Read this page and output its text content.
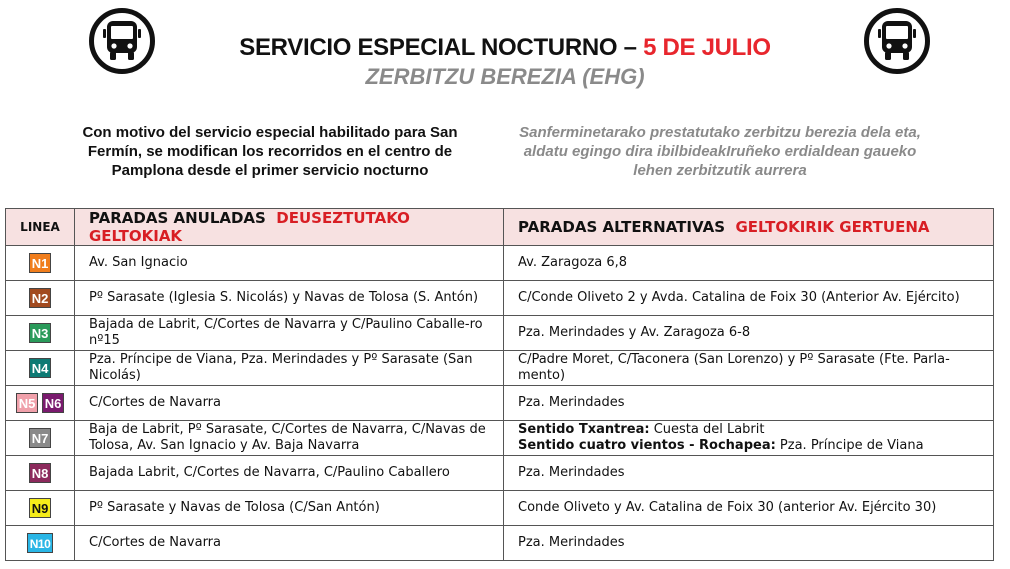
SERVICIO ESPECIAL NOCTURNO – 5 DE JULIO
ZERBITZU BEREZIA (EHG)
Con motivo del servicio especial habilitado para San Fermín, se modifican los recorridos en el centro de Pamplona desde el primer servicio nocturno
Sanferminetarako prestatutako zerbitzu berezia dela eta, aldatu egingo dira ibilbideakIruñeko erdialdean gaueko lehen zerbitzutik aurrera
LINEA	PARADAS ANULADAS DEUSEZTUTAKO GELTOKIAK	PARADAS ALTERNATIVAS GELTOKIRIK GERTUENA
N1	Av. San Ignacio	Av. Zaragoza 6,8

N2	Pº Sarasate (Iglesia S. Nicolás) y Navas de Tolosa (S. Antón)	C/Conde Oliveto 2 y Avda. Catalina de Foix 30 (Anterior Av. Ejército)

N3	Bajada de Labrit, C/Cortes de Navarra y C/Paulino Caballe-ro nº15	Pza. Merindades y Av. Zaragoza 6-8

N4	Pza. Príncipe de Viana, Pza. Merindades y Pº Sarasate (San Nicolás)	C/Padre Moret, C/Taconera (San Lorenzo) y Pº Sarasate (Fte. Parla-mento)

N5 N6	C/Cortes de Navarra	Pza. Merindades

N7	Baja de Labrit, Pº Sarasate, C/Cortes de Navarra, C/Navas de Tolosa, Av. San Ignacio y Av. Baja Navarra	Sentido Txantrea: Cuesta del Labrit
Sentido cuatro vientos - Rochapea: Pza. Príncipe de Viana

N8	Bajada Labrit, C/Cortes de Navarra, C/Paulino Caballero	Pza. Merindades

N9	Pº Sarasate y Navas de Tolosa (C/San Antón)	Conde Oliveto y Av. Catalina de Foix 30 (anterior Av. Ejército 30)

N10	C/Cortes de Navarra	Pza. Merindades
